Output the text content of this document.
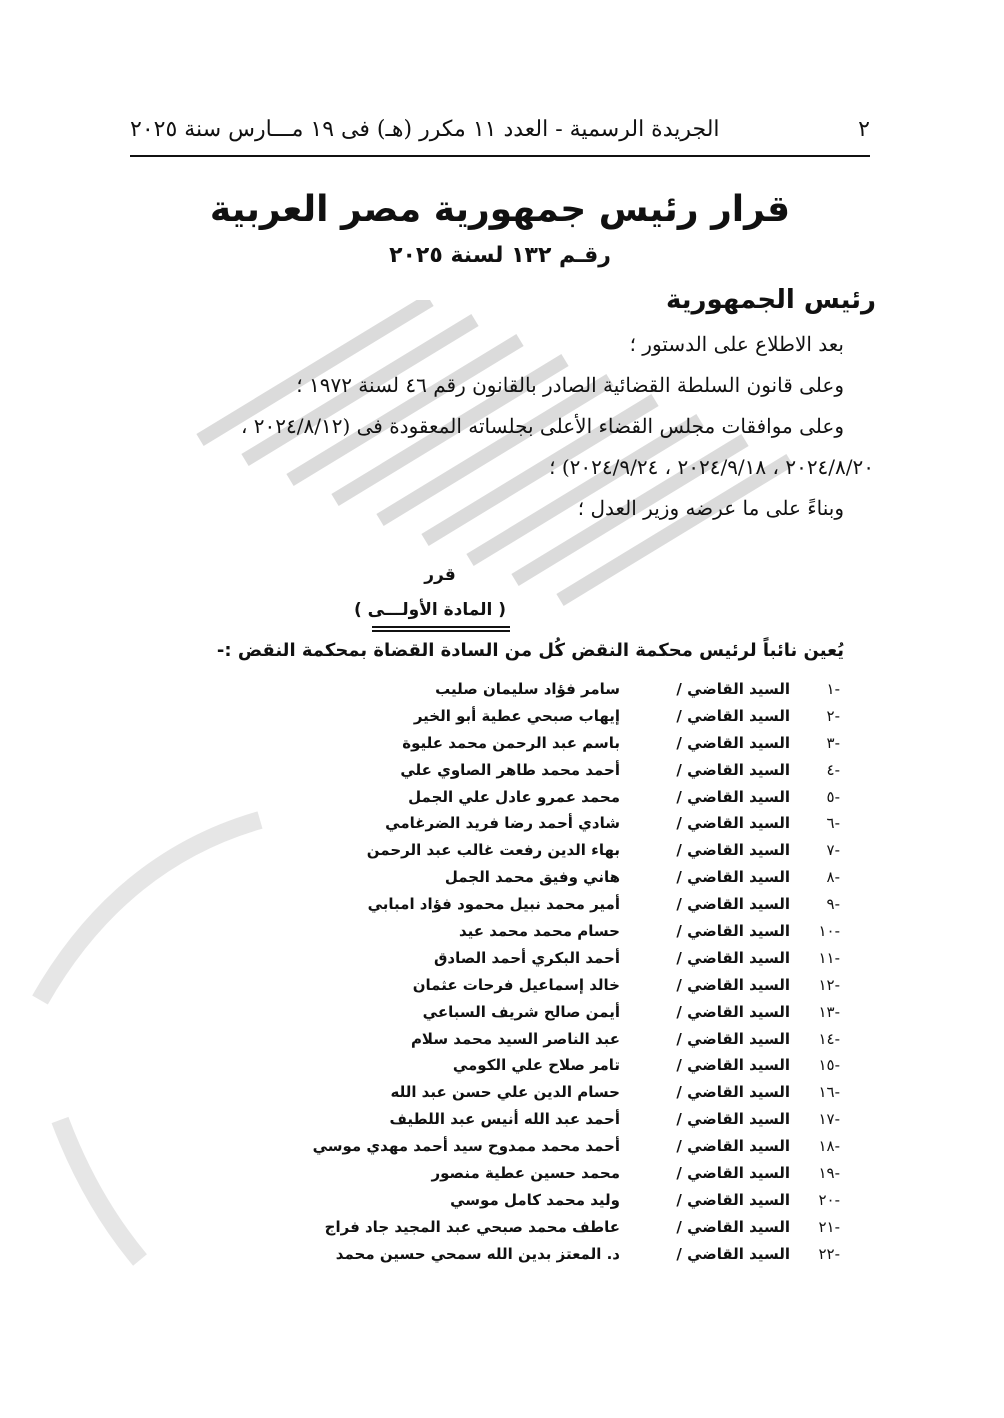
٢
الجريدة الرسمية - العدد ١١ مكرر (هـ) فى ١٩ مـــارس سنة ٢٠٢٥
قرار رئيس جمهورية مصر العربية
رقـم ١٣٢ لسنة ٢٠٢٥
رئيس الجمهورية
بعد الاطلاع على الدستور ؛
وعلى قانون السلطة القضائية الصادر بالقانون رقم ٤٦ لسنة ١٩٧٢ ؛
وعلى موافقات مجلس القضاء الأعلى بجلساته المعقودة فى (٢٠٢٤/٨/١٢ ،
٢٠٢٤/٨/٢٠ ، ٢٠٢٤/٩/١٨ ، ٢٠٢٤/٩/٢٤) ؛
وبناءً على ما عرضه وزير العدل ؛
قرر
( المادة الأولـــى )
يُعين نائباً لرئيس محكمة النقض كُل من السادة القضاة بمحكمة النقض :-
-١
السيد القاضي /
سامر فؤاد سليمان صليب
-٢
السيد القاضي /
إيهاب صبحي عطية أبو الخير
-٣
السيد القاضي /
باسم عبد الرحمن محمد عليوة
-٤
السيد القاضي /
أحمد محمد طاهر الصاوي علي
-٥
السيد القاضي /
محمد عمرو عادل علي الجمل
-٦
السيد القاضي /
شادي أحمد رضا فريد الضرغامي
-٧
السيد القاضي /
بهاء الدين رفعت غالب عبد الرحمن
-٨
السيد القاضي /
هاني وفيق محمد الجمل
-٩
السيد القاضي /
أمير محمد نبيل محمود فؤاد امبابي
-١٠
السيد القاضي /
حسام محمد محمد عيد
-١١
السيد القاضي /
أحمد البكري أحمد الصادق
-١٢
السيد القاضي /
خالد إسماعيل فرحات عثمان
-١٣
السيد القاضي /
أيمن صالح شريف السباعي
-١٤
السيد القاضي /
عبد الناصر السيد محمد سلام
-١٥
السيد القاضي /
تامر صلاح علي الكومي
-١٦
السيد القاضي /
حسام الدين علي حسن عبد الله
-١٧
السيد القاضي /
أحمد عبد الله أنيس عبد اللطيف
-١٨
السيد القاضي /
أحمد محمد ممدوح سيد أحمد مهدي موسي
-١٩
السيد القاضي /
محمد حسين عطية منصور
-٢٠
السيد القاضي /
وليد محمد كامل موسي
-٢١
السيد القاضي /
عاطف محمد صبحي عبد المجيد جاد فراج
-٢٢
السيد القاضي /
د. المعتز بدين الله سمحي حسين محمد
